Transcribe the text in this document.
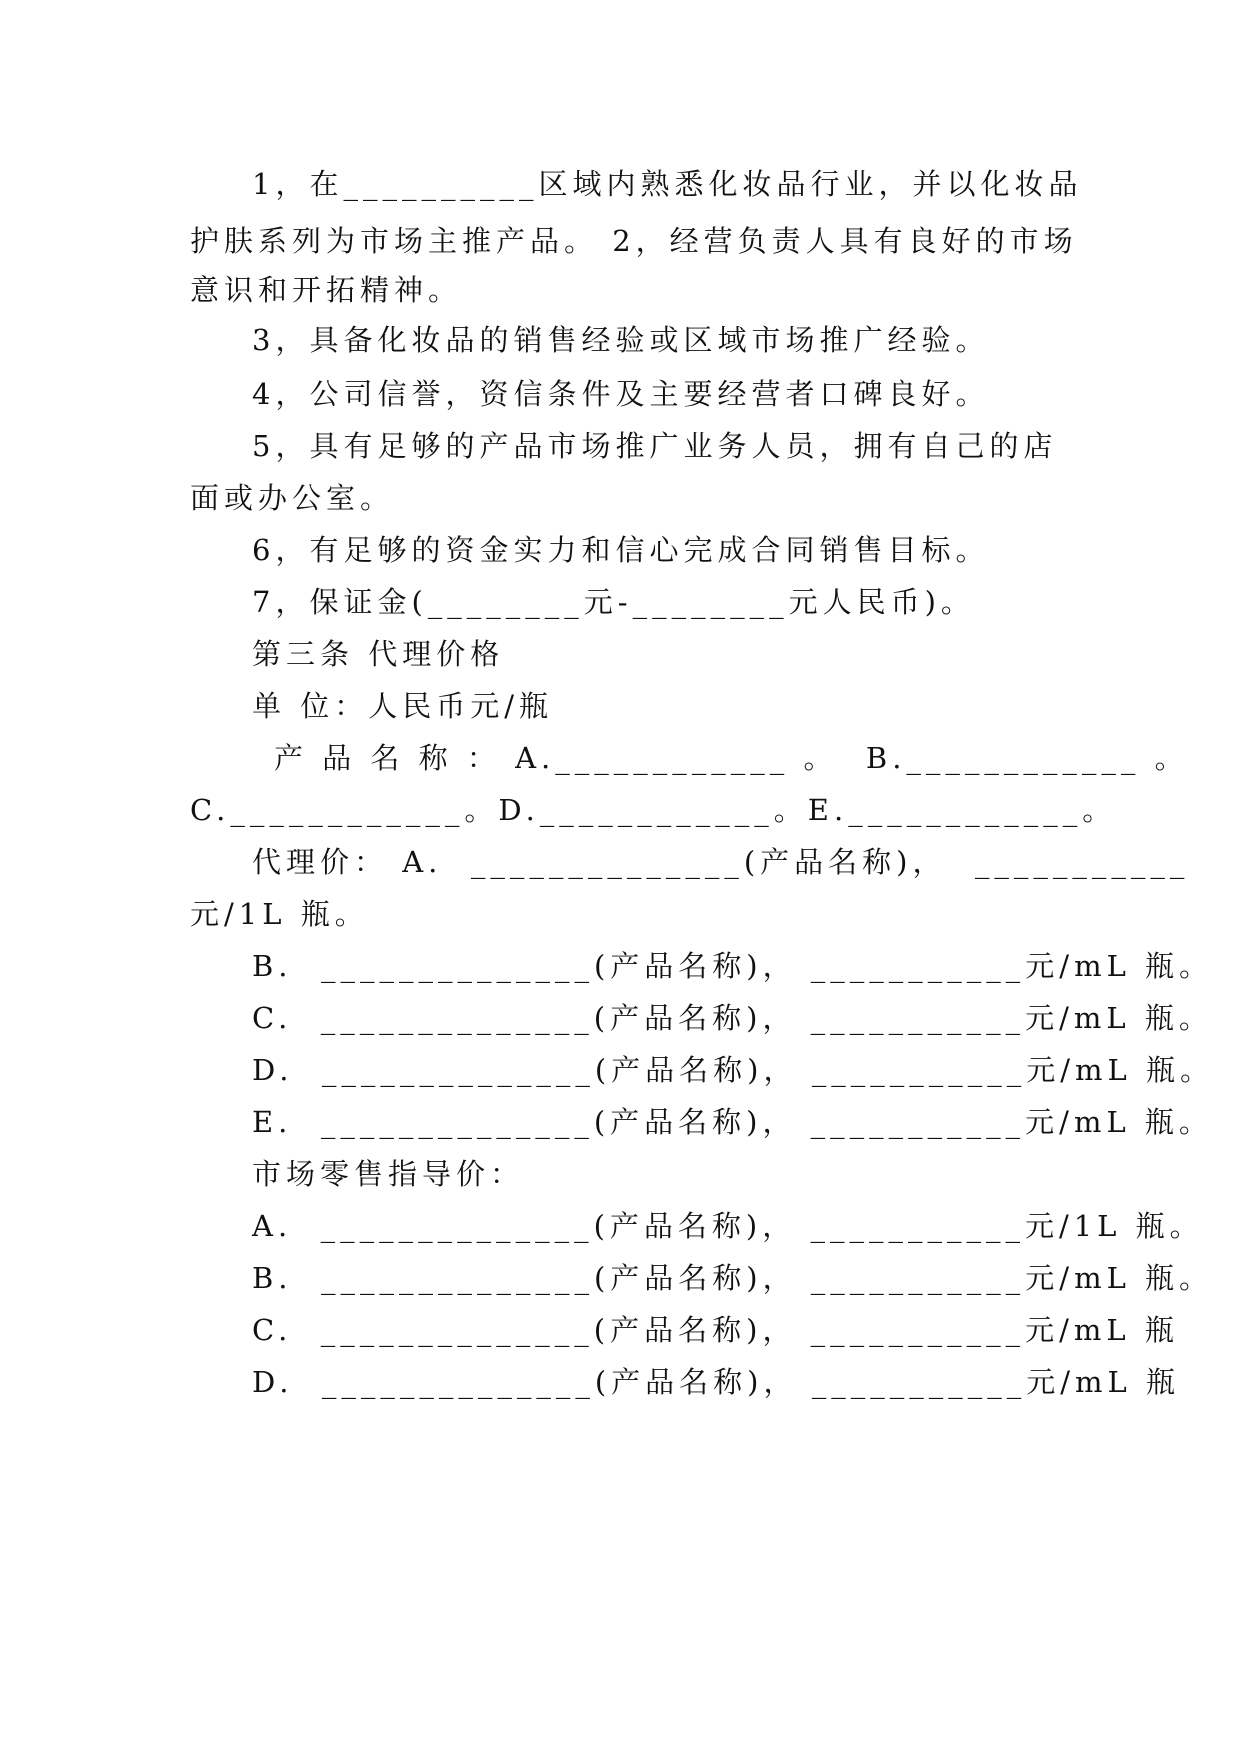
1，在__________区域内熟悉化妆品行业，并以化妆品
护肤系列为市场主推产品。 2，经营负责人具有良好的市场
意识和开拓精神。
3，具备化妆品的销售经验或区域市场推广经验。
4，公司信誉，资信条件及主要经营者口碑良好。
5，具有足够的产品市场推广业务人员，拥有自己的店
面或办公室。
6，有足够的资金实力和信心完成合同销售目标。
7，保证金(________元-________元人民币)。
第三条 代理价格
单 位：人民币元/瓶
产 品 名 称 ： A.____________ 。  B.____________ 。
C.____________。D.____________。E.____________。
代理价： A.  ______________(产品名称)，  ___________
元/1L 瓶。
B.  ______________(产品名称)， ___________元/mL 瓶。
C.  ______________(产品名称)， ___________元/mL 瓶。
D.  ______________(产品名称)， ___________元/mL 瓶。
E.  ______________(产品名称)， ___________元/mL 瓶。
市场零售指导价：
A.  ______________(产品名称)， ___________元/1L 瓶。
B.  ______________(产品名称)， ___________元/mL 瓶。
C.  ______________(产品名称)， ___________元/mL 瓶
D.  ______________(产品名称)， ___________元/mL 瓶
